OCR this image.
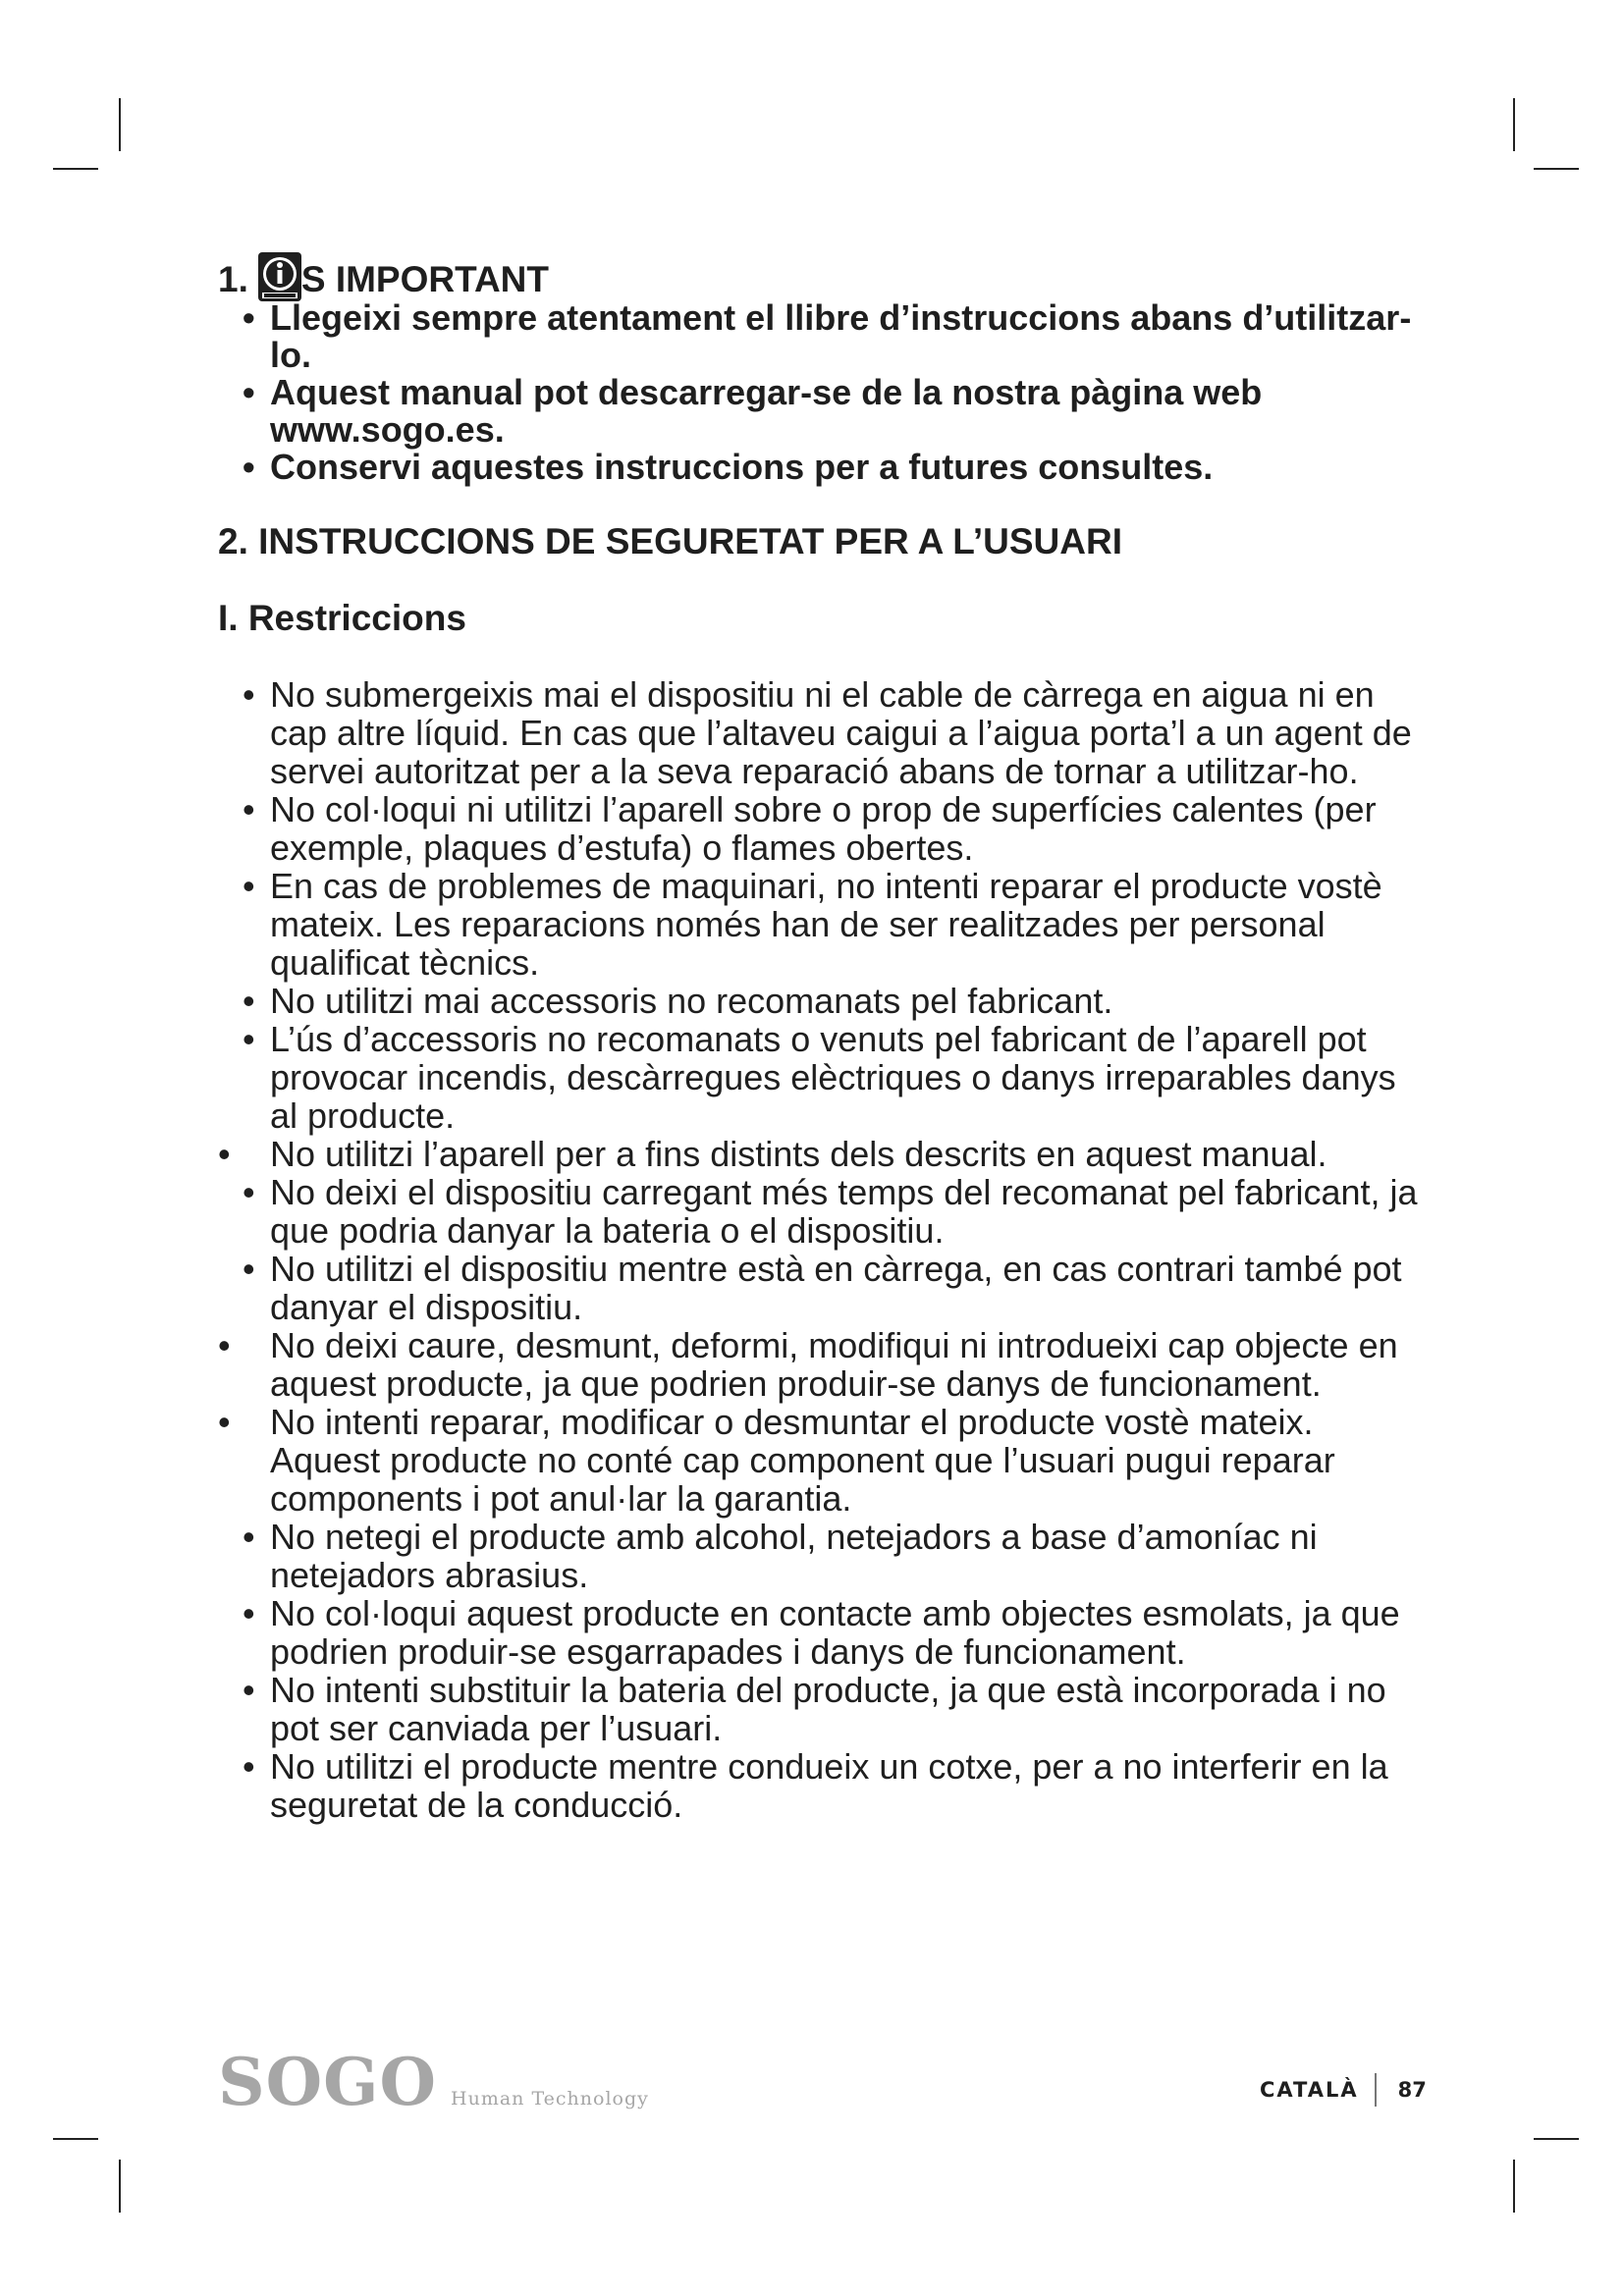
1. S IMPORTANT
• Llegeixi sempre atentament el llibre d’instruccions abans d’utilitzar-lo.
• Aquest manual pot descarregar-se de la nostra pàgina web www.sogo.es.
• Conservi aquestes instruccions per a futures consultes.
2. INSTRUCCIONS DE SEGURETAT PER A L’USUARI
I. Restriccions
• No submergeixis mai el dispositiu ni el cable de càrrega en aigua ni en cap altre líquid. En cas que l’altaveu caigui a l’aigua porta’l a un agent de servei autoritzat per a la seva reparació abans de tornar a utilitzar-ho.
• No col·loqui ni utilitzi l’aparell sobre o prop de superfícies calentes (per exemple, plaques d’estufa) o flames obertes.
• En cas de problemes de maquinari, no intenti reparar el producte vostè mateix. Les reparacions només han de ser realitzades per personal qualificat tècnics.
• No utilitzi mai accessoris no recomanats pel fabricant.
• L’ús d’accessoris no recomanats o venuts pel fabricant de l’aparell pot provocar incendis, descàrregues elèctriques o danys irreparables danys al producte.
• No utilitzi l’aparell per a fins distints dels descrits en aquest manual.
• No deixi el dispositiu carregant més temps del recomanat pel fabricant, ja que podria danyar la bateria o el dispositiu.
• No utilitzi el dispositiu mentre està en càrrega, en cas contrari també pot danyar el dispositiu.
• No deixi caure, desmunt, deformi, modifiqui ni introdueixi cap objecte en aquest producte, ja que podrien produir-se danys de funcionament.
• No intenti reparar, modificar o desmuntar el producte vostè mateix. Aquest producte no conté cap component que l’usuari pugui reparar components i pot anul·lar la garantia.
• No netegi el producte amb alcohol, netejadors a base d’amoníac ni netejadors abrasius.
• No col·loqui aquest producte en contacte amb objectes esmolats, ja que podrien produir-se esgarrapades i danys de funcionament.
• No intenti substituir la bateria del producte, ja que està incorporada i no pot ser canviada per l’usuari.
• No utilitzi el producte mentre condueix un cotxe, per a no interferir en la seguretat de la conducció.
SOGO Human Technology	CATALÀ 87
